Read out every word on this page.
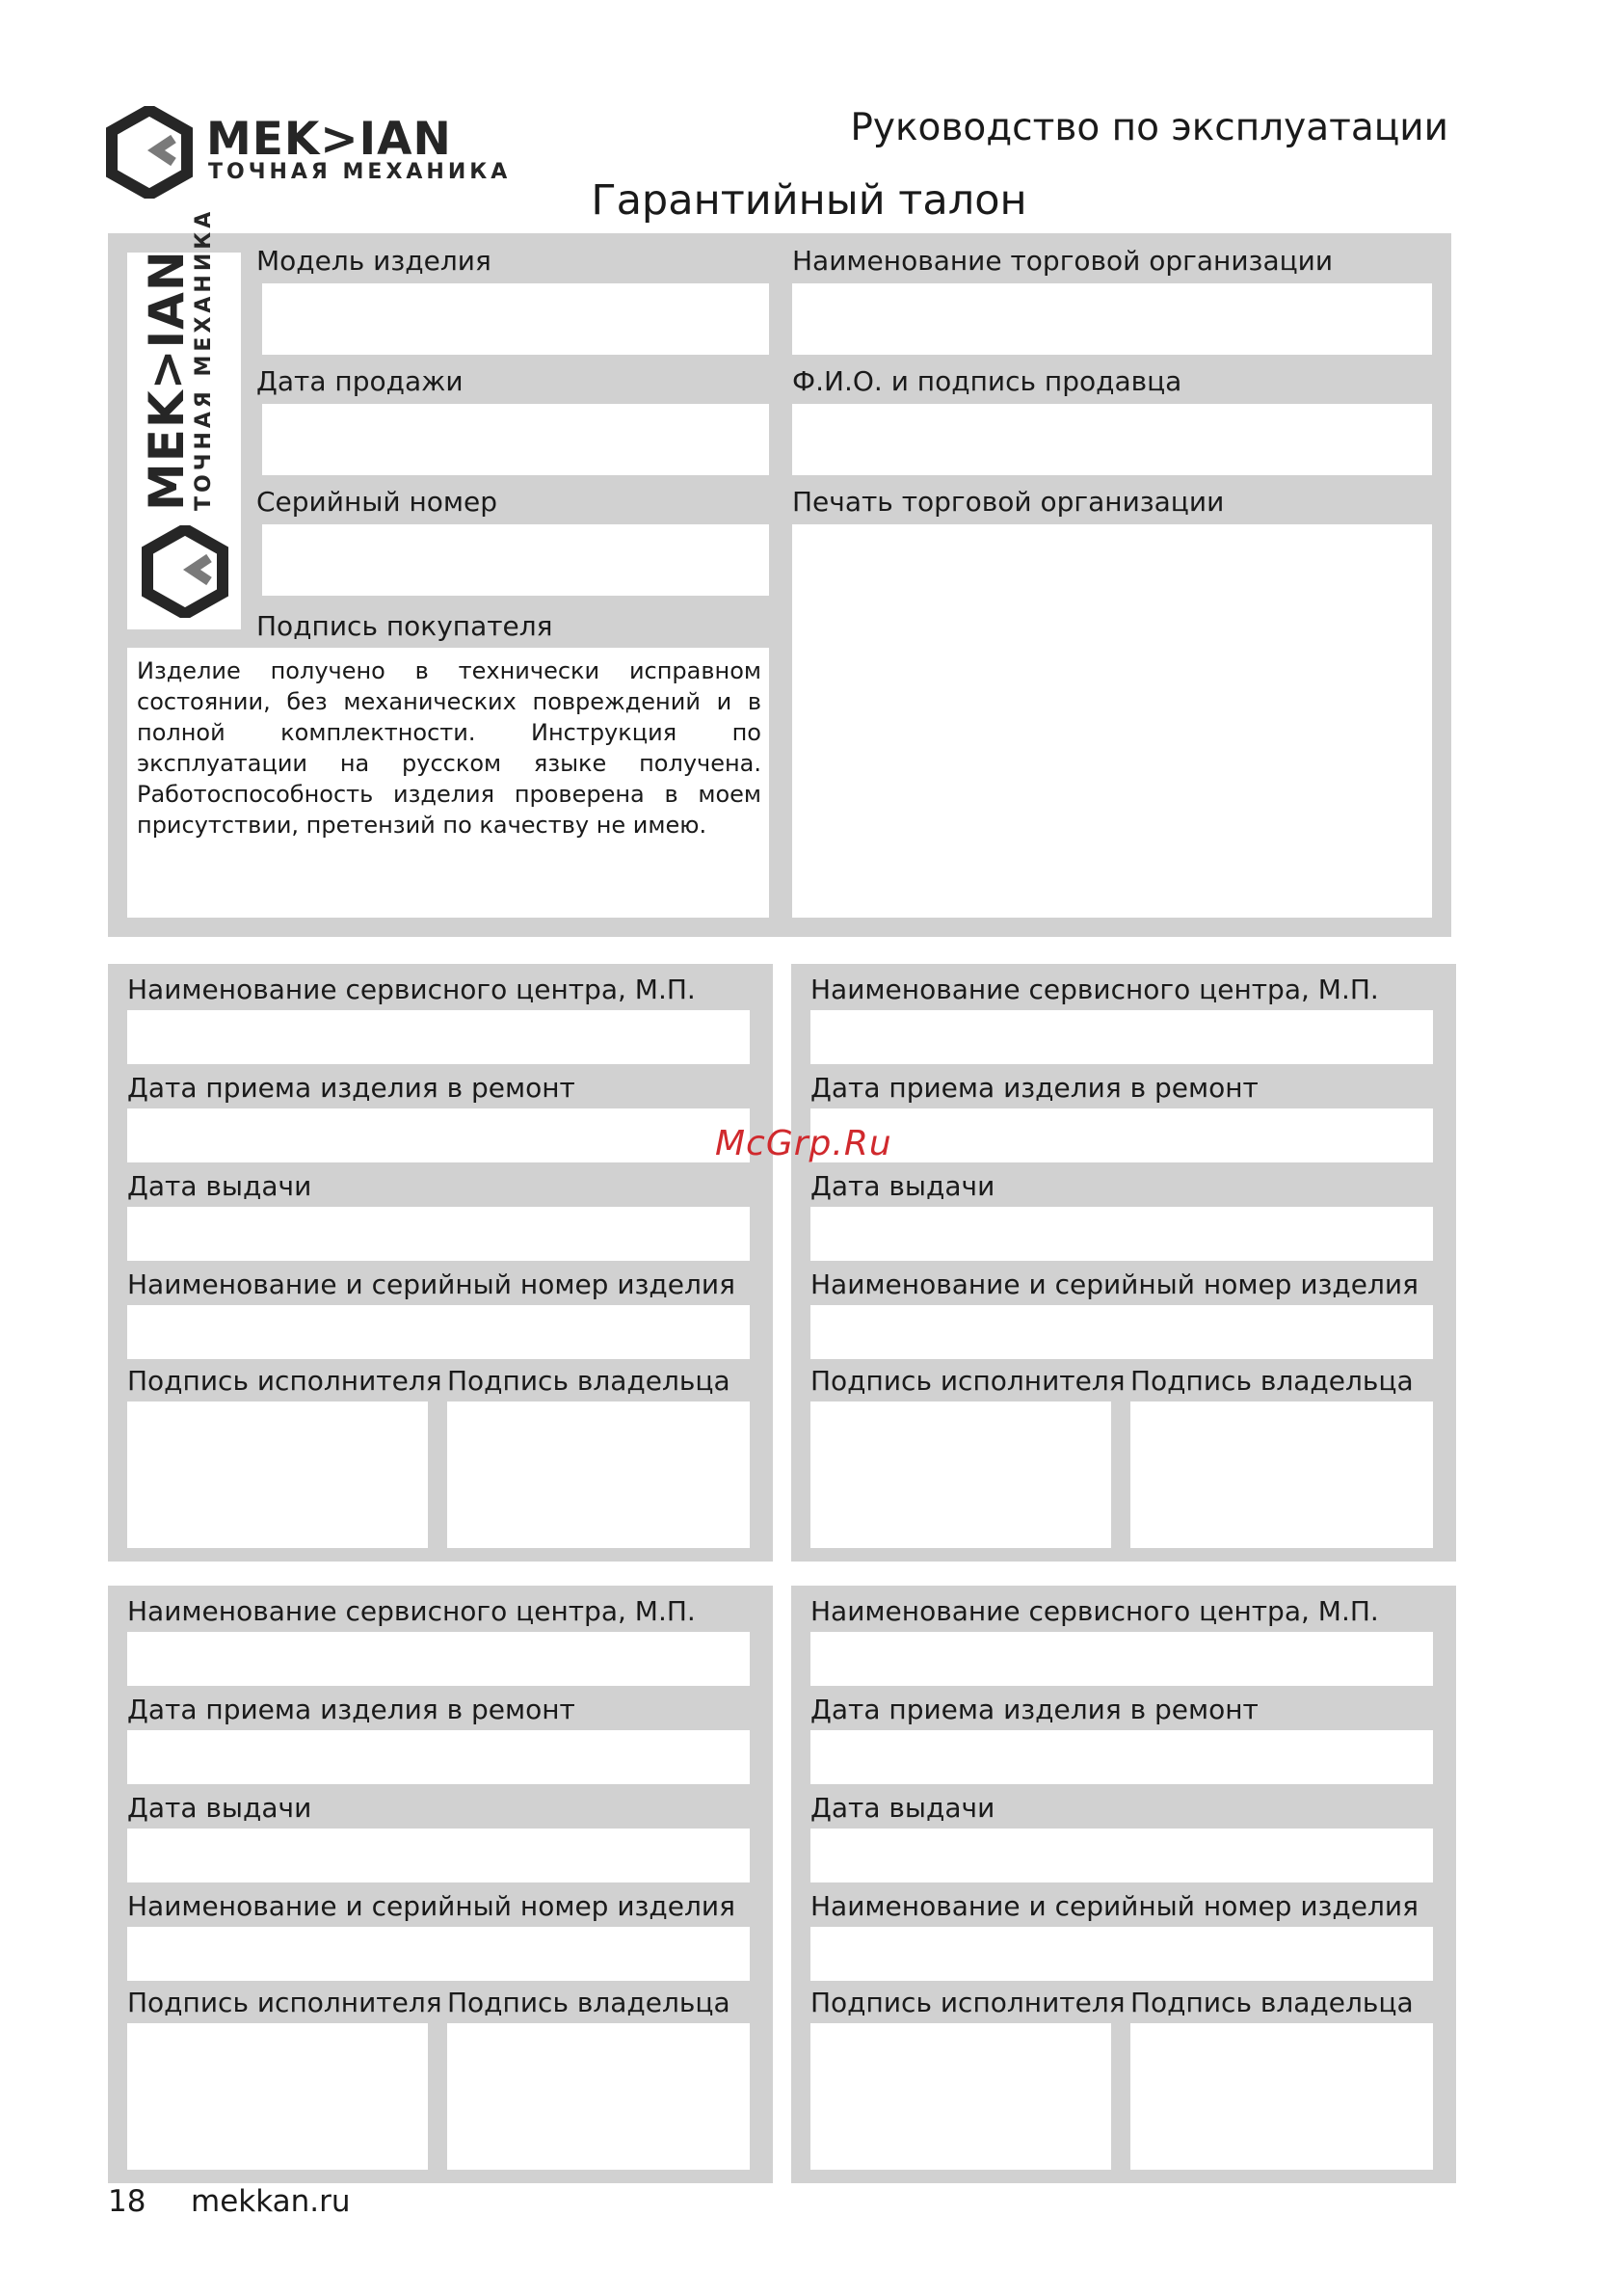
MEK>IAN
ТОЧНАЯ МЕХАНИКА
Руководство по эксплуатации
Гарантийный талон
MEK>IAN
ТОЧНАЯ МЕХАНИКА Модель изделия
Дата продажи
Серийный номер
Подпись покупателя
Изделие получено в технически исправном состоянии, без механических повреждений и в полной комплектности. Инструкция по эксплуатации на русском языке получена. Работоспособность изделия проверена в моем присутствии, претензий по качеству не имею.
Наименование торговой организации
Ф.И.О. и подпись продавца
Печать торговой организации
Наименование сервисного центра, М.П.
Дата приема изделия в ремонт
Дата выдачи
Наименование и серийный номер изделия
Подпись исполнителя Подпись владельца
Наименование сервисного центра, М.П.
Дата приема изделия в ремонт
Дата выдачи
Наименование и серийный номер изделия
Подпись исполнителя Подпись владельца
Наименование сервисного центра, М.П.
Дата приема изделия в ремонт
Дата выдачи
Наименование и серийный номер изделия
Подпись исполнителя Подпись владельца
Наименование сервисного центра, М.П.
Дата приема изделия в ремонт
Дата выдачи
Наименование и серийный номер изделия
Подпись исполнителя Подпись владельца
18 mekkan.ru
McGrp.Ru
